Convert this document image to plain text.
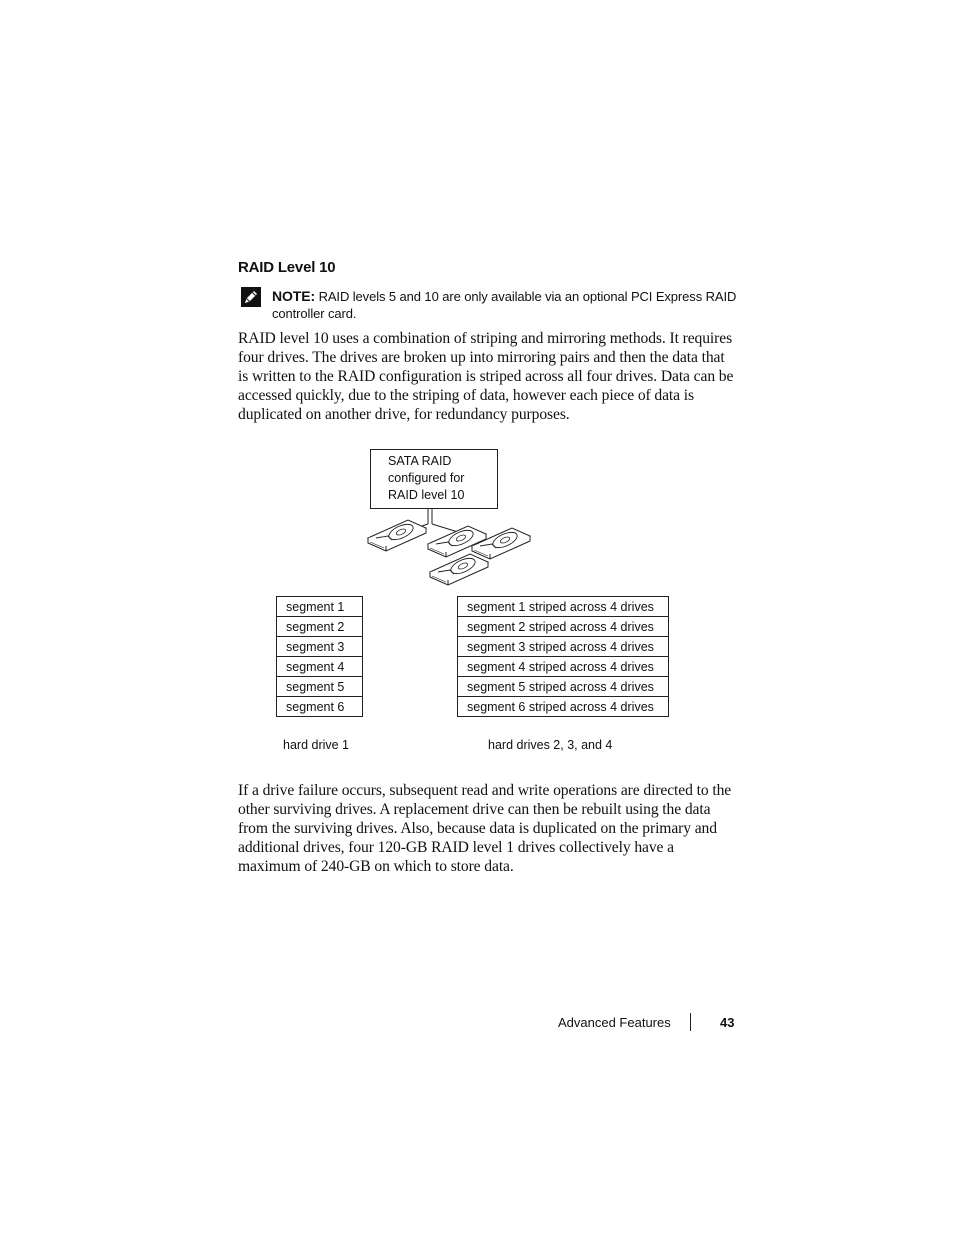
RAID Level 10
NOTE: RAID levels 5 and 10 are only available via an optional PCI Express RAID controller card.

RAID level 10 uses a combination of striping and mirroring methods. It requires four drives. The drives are broken up into mirroring pairs and then the data that is written to the RAID configuration is striped across all four drives. Data can be accessed quickly, due to the striping of data, however each piece of data is duplicated on another drive, for redundancy purposes.

SATA RAID
configured for
RAID level 10
segment 1
segment 2
segment 3
segment 4
segment 5
segment 6
segment 1 striped across 4 drives
segment 2 striped across 4 drives
segment 3 striped across 4 drives
segment 4 striped across 4 drives
segment 5 striped across 4 drives
segment 6 striped across 4 drives
hard drive 1	hard drives 2, 3, and 4

If a drive failure occurs, subsequent read and write operations are directed to the other surviving drives. A replacement drive can then be rebuilt using the data from the surviving drives. Also, because data is duplicated on the primary and additional drives, four 120-GB RAID level 1 drives collectively have a maximum of 240-GB on which to store data.

Advanced Features	43
